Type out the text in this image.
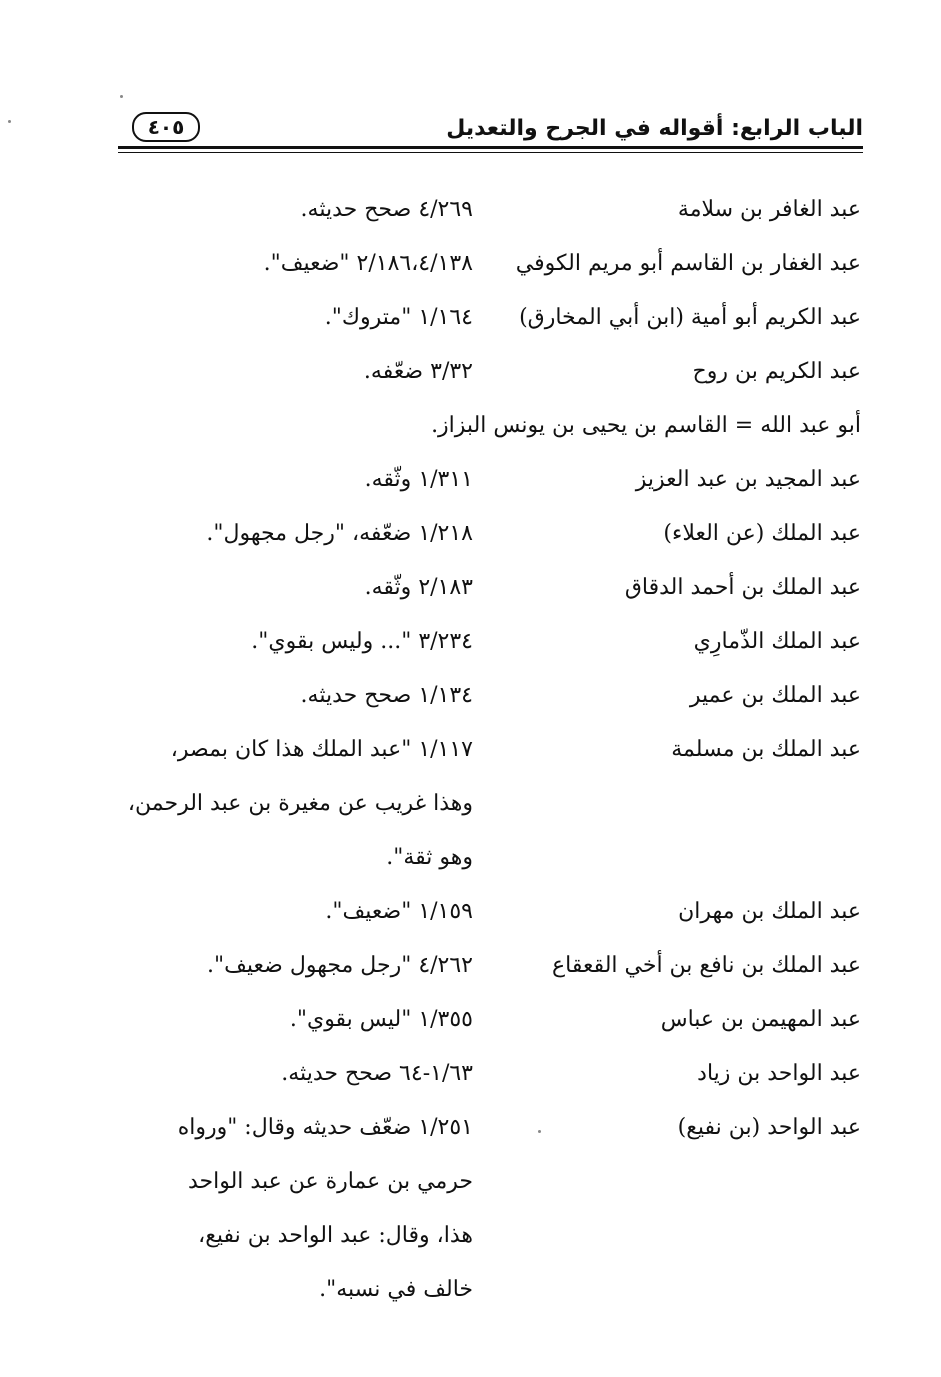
الباب الرابع: أقواله في الجرح والتعديل
٤٠٥
عبد الغافر بن سلامة
٤/٢٦٩ صحح حديثه.
عبد الغفار بن القاسم أبو مريم الكوفي
٢/١٨٦،٤/١٣٨ "ضعيف".
عبد الكريم أبو أمية (ابن أبي المخارق)
١/١٦٤ "متروك".
عبد الكريم بن روح
٣/٣٢ ضعّفه.
أبو عبد الله = القاسم بن يحيى بن يونس البزاز.
عبد المجيد بن عبد العزيز
١/٣١١ وثّقه.
عبد الملك (عن العلاء)
١/٢١٨ ضعّفه، "رجل مجهول".
عبد الملك بن أحمد الدقاق
٢/١٨٣ وثّقه.
عبد الملك الذّمارِي
٣/٢٣٤ "... وليس بقوي".
عبد الملك بن عمير
١/١٣٤ صحح حديثه.
عبد الملك بن مسلمة
١/١١٧ "عبد الملك هذا كان بمصر،
وهذا غريب عن مغيرة بن عبد الرحمن،
وهو ثقة".
عبد الملك بن مهران
١/١٥٩ "ضعيف".
عبد الملك بن نافع بن أخي القعقاع
٤/٢٦٢ "رجل مجهول ضعيف".
عبد المهيمن بن عباس
١/٣٥٥ "ليس بقوي".
عبد الواحد بن زياد
١/٦٣-٦٤ صحح حديثه.
عبد الواحد (بن نفيع)
١/٢٥١ ضعّف حديثه وقال: "ورواه
حرمي بن عمارة عن عبد الواحد
هذا، وقال: عبد الواحد بن نفيع،
خالف في نسبه".
